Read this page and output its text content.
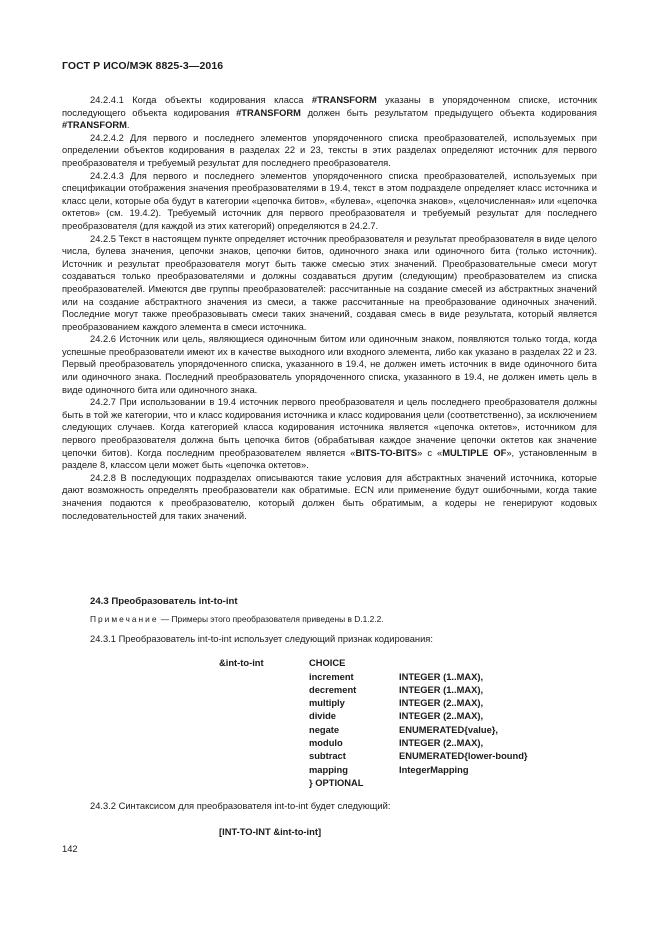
ГОСТ Р ИСО/МЭК 8825-3—2016

24.2.4.1 Когда объекты кодирования класса #TRANSFORM указаны в упорядоченном списке, источник последующего объекта кодирования #TRANSFORM должен быть результатом предыдущего объекта кодирования #TRANSFORM.

24.2.4.2 Для первого и последнего элементов упорядоченного списка преобразователей, используемых при определении объектов кодирования в разделах 22 и 23, тексты в этих разделах определяют источник для первого преобразователя и требуемый результат для последнего преобразователя.

24.2.4.3 Для первого и последнего элементов упорядоченного списка преобразователей, используемых при спецификации отображения значения преобразователями в 19.4, текст в этом подразделе определяет класс источника и класс цели, которые оба будут в категории «цепочка битов», «булева», «цепочка знаков», «целочисленная» или «цепочка октетов» (см. 19.4.2). Требуемый источник для первого преобразователя и требуемый результат для последнего преобразователя (для каждой из этих категорий) определяются в 24.2.7.

24.2.5 Текст в настоящем пункте определяет источник преобразователя и результат преобразователя в виде целого числа, булева значения, цепочки знаков, цепочки битов, одиночного знака или одиночного бита (только источник). Источник и результат преобразователя могут быть также смесью этих значений. Преобразовательные смеси могут создаваться только преобразователями и должны создаваться другим (следующим) преобразователем из списка преобразователей. Имеются две группы преобразователей: рассчитанные на создание смесей из абстрактных значений или на создание абстрактного значения из смеси, а также рассчитанные на преобразование одиночных значений. Последние могут также преобразовывать смеси таких значений, создавая смесь в виде результата, который является преобразованием каждого элемента в смеси источника.

24.2.6 Источник или цель, являющиеся одиночным битом или одиночным знаком, появляются только тогда, когда успешные преобразователи имеют их в качестве выходного или входного элемента, либо как указано в разделах 22 и 23. Первый преобразователь упорядоченного списка, указанного в 19.4, не должен иметь источник в виде одиночного бита или одиночного знака. Последний преобразователь упорядоченного списка, указанного в 19.4, не должен иметь цель в виде одиночного бита или одиночного знака.

24.2.7 При использовании в 19.4 источник первого преобразователя и цель последнего преобразователя должны быть в той же категории, что и класс кодирования источника и класс кодирования цели (соответственно), за исключением следующих случаев. Когда категорией класса кодирования источника является «цепочка октетов», источником для первого преобразователя должна быть цепочка битов (обрабатывая каждое значение цепочки октетов как значение цепочки битов). Когда последним преобразователем является «BITS-TO-BITS» с «MULTIPLE OF», установленным в разделе 8, классом цели может быть «цепочка октетов».

24.2.8 В последующих подразделах описываются такие условия для абстрактных значений источника, которые дают возможность определять преобразователи как обратимые. ECN или применение будут ошибочными, когда такие значения подаются к преобразователю, который должен быть обратимым, а кодеры не генерируют кодовых последовательностей для таких значений.

24.3 Преобразователь int-to-int
Примечание — Примеры этого преобразователя приведены в D.1.2.2.
24.3.1 Преобразователь int-to-int использует следующий признак кодирования:
&int-to-int	CHOICE
increment	INTEGER (1..MAX),
decrement	INTEGER (1..MAX),
multiply	INTEGER (2..MAX),
divide	INTEGER (2..MAX),
negate	ENUMERATED{value},
modulo	INTEGER (2..MAX),
subtract	ENUMERATED{lower-bound}
mapping	IntegerMapping
} OPTIONAL
24.3.2 Синтаксисом для преобразователя int-to-int будет следующий:
[INT-TO-INT &int-to-int]
142
